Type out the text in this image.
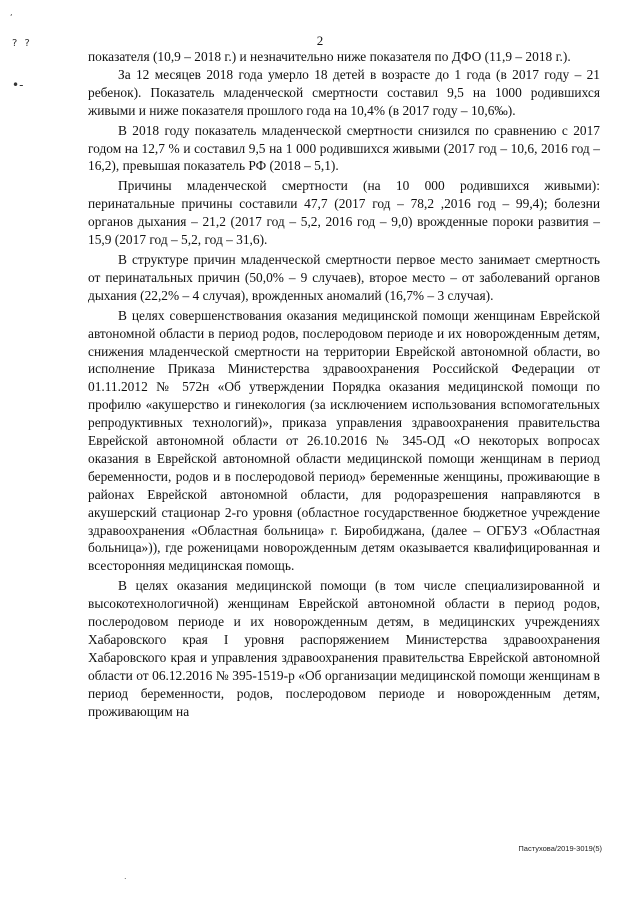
,
? ?
•-
2

показателя (10,9 – 2018 г.) и незначительно ниже показателя по ДФО (11,9 – 2018 г.).

За 12 месяцев 2018 года умерло 18 детей в возрасте до 1 года (в 2017 году – 21 ребенок). Показатель младенческой смертности составил 9,5 на 1000 родившихся живыми и ниже показателя прошлого года на 10,4% (в 2017 году – 10,6‰).

В 2018 году показатель младенческой смертности снизился по сравнению с 2017 годом на 12,7 % и составил 9,5 на 1 000 родившихся живыми (2017 год – 10,6, 2016 год – 16,2), превышая показатель РФ (2018 – 5,1).

Причины младенческой смертности (на 10 000 родившихся живыми): перинатальные причины составили 47,7 (2017 год – 78,2 ,2016 год – 99,4); болезни органов дыхания – 21,2 (2017 год – 5,2, 2016 год – 9,0) врожденные пороки развития – 15,9 (2017 год – 5,2, год – 31,6).

В структуре причин младенческой смертности первое место занимает смертность от перинатальных причин (50,0% – 9 случаев), второе место – от заболеваний органов дыхания (22,2% – 4 случая), врожденных аномалий (16,7% – 3 случая).

В целях совершенствования оказания медицинской помощи женщинам Еврейской автономной области в период родов, послеродовом периоде и их новорожденным детям, снижения младенческой смертности на территории Еврейской автономной области, во исполнение Приказа Министерства здравоохранения Российской Федерации от 01.11.2012 № 572н «Об утверждении Порядка оказания медицинской помощи по профилю «акушерство и гинекология (за исключением использования вспомогательных репродуктивных технологий)», приказа управления здравоохранения правительства Еврейской автономной области от 26.10.2016 № 345-ОД «О некоторых вопросах оказания в Еврейской автономной области медицинской помощи женщинам в период беременности, родов и в послеродовой период» беременные женщины, проживающие в районах Еврейской автономной области, для родоразрешения направляются в акушерский стационар 2-го уровня (областное государственное бюджетное учреждение здравоохранения «Областная больница» г. Биробиджана, (далее – ОГБУЗ «Областная больница»)), где роженицами новорожденным детям оказывается квалифицированная и всесторонняя медицинская помощь.

В целях оказания медицинской помощи (в том числе специализированной и высокотехнологичной) женщинам Еврейской автономной области в период родов, послеродовом периоде и их новорожденным детям, в медицинских учреждениях Хабаровского края I уровня распоряжением Министерства здравоохранения Хабаровского края и управления здравоохранения правительства Еврейской автономной области от 06.12.2016 № 395-1519-р «Об организации медицинской помощи женщинам в период беременности, родов, послеродовом периоде и новорожденным детям, проживающим на

Пастухова/2019-3019(5)
.
